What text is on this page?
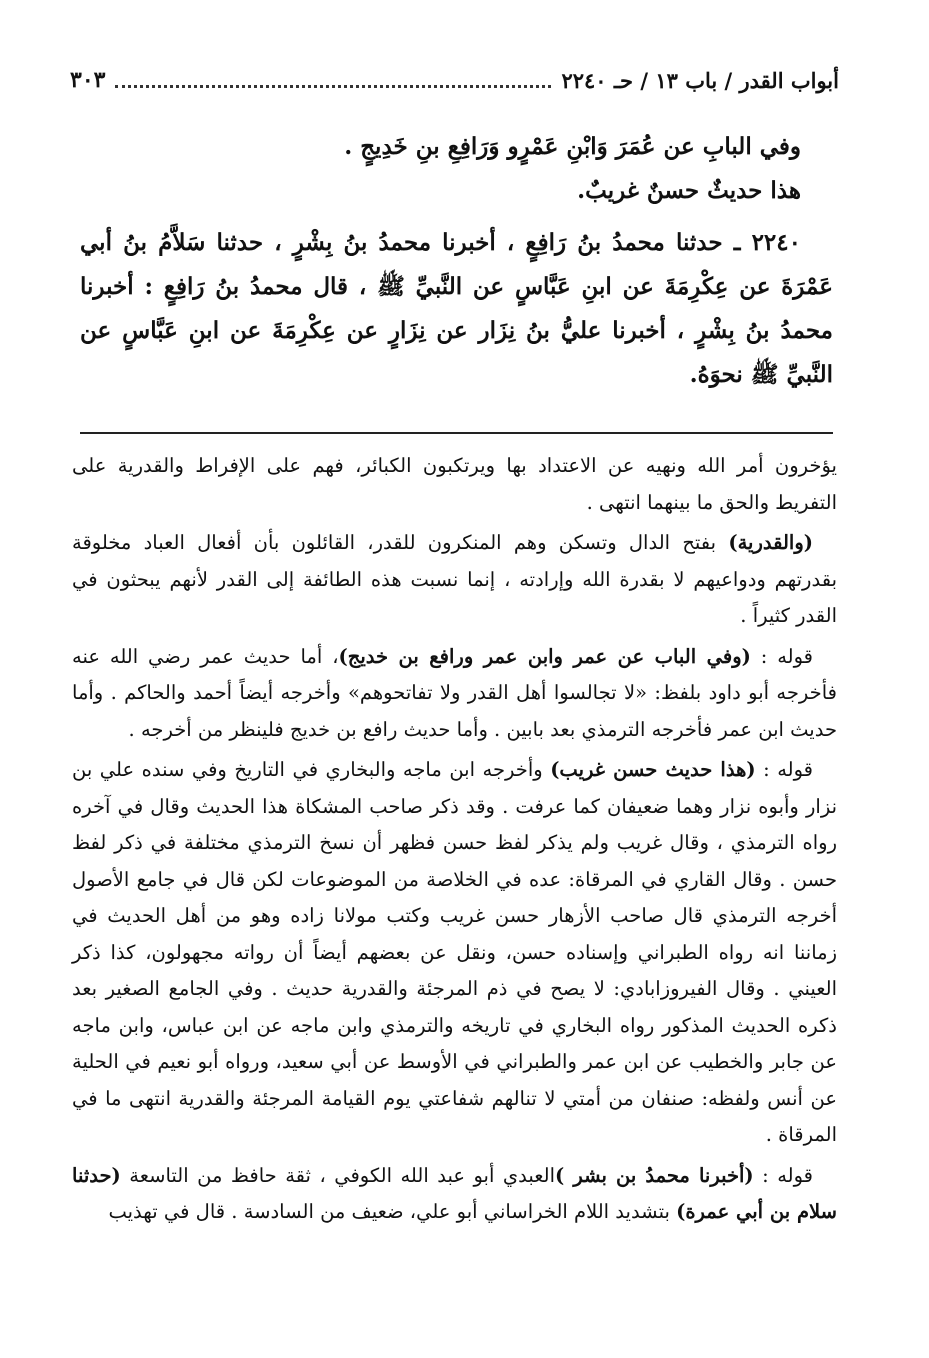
أبواب القدر / باب ١٣ / حـ ٢٢٤٠
٣٠٣

وفي البابِ عن عُمَرَ وَابْنِ عَمْرٍو وَرَافِعِ بنِ خَدِيجٍ .

هذا حديثٌ حسنٌ غريبٌ.

٢٢٤٠ ـ حدثنا محمدُ بنُ رَافِعٍ ، أخبرنا محمدُ بنُ بِشْرٍ ، حدثنا سَلاَّمُ بنُ أبي عَمْرَةَ عن عِكْرِمَةَ عن ابنِ عَبَّاسٍ عن النَّبيِّ ﷺ ، قال محمدُ بنُ رَافِعٍ : أخبرنا محمدُ بنُ بِشْرٍ ، أخبرنا عليُّ بنُ نِزَار عن نِزَارٍ عن عِكْرِمَةَ عن ابنِ عَبَّاسٍ عن النَّبيِّ ﷺ نحوَهُ.

يؤخرون أمر الله ونهيه عن الاعتداد بها ويرتكبون الكبائر، فهم على الإفراط والقدرية على التفريط والحق ما بينهما انتهى .

(والقدرية) بفتح الدال وتسكن وهم المنكرون للقدر، القائلون بأن أفعال العباد مخلوقة بقدرتهم ودواعيهم لا بقدرة الله وإرادته ، إنما نسبت هذه الطائفة إلى القدر لأنهم يبحثون في القدر كثيراً .

قوله : (وفي الباب عن عمر وابن عمر ورافع بن خديج)، أما حديث عمر رضي الله عنه فأخرجه أبو داود بلفظ: «لا تجالسوا أهل القدر ولا تفاتحوهم» وأخرجه أيضاً أحمد والحاكم . وأما حديث ابن عمر فأخرجه الترمذي بعد بابين . وأما حديث رافع بن خديج فلينظر من أخرجه .

قوله : (هذا حديث حسن غريب) وأخرجه ابن ماجه والبخاري في التاريخ وفي سنده علي بن نزار وأبوه نزار وهما ضعيفان كما عرفت . وقد ذكر صاحب المشكاة هذا الحديث وقال في آخره رواه الترمذي ، وقال غريب ولم يذكر لفظ حسن فظهر أن نسخ الترمذي مختلفة في ذكر لفظ حسن . وقال القاري في المرقاة: عده في الخلاصة من الموضوعات لكن قال في جامع الأصول أخرجه الترمذي قال صاحب الأزهار حسن غريب وكتب مولانا زاده وهو من أهل الحديث في زماننا انه رواه الطبراني وإسناده حسن، ونقل عن بعضهم أيضاً أن رواته مجهولون، كذا ذكر العيني . وقال الفيروزابادي: لا يصح في ذم المرجئة والقدرية حديث . وفي الجامع الصغير بعد ذكره الحديث المذكور رواه البخاري في تاريخه والترمذي وابن ماجه عن ابن عباس، وابن ماجه عن جابر والخطيب عن ابن عمر والطبراني في الأوسط عن أبي سعيد، ورواه أبو نعيم في الحلية عن أنس ولفظه: صنفان من أمتي لا تنالهم شفاعتي يوم القيامة المرجئة والقدرية انتهى ما في المرقاة .

قوله : (أخبرنا محمدُ بن بشر )العبدي أبو عبد الله الكوفي ، ثقة حافظ من التاسعة (حدثنا سلام بن أبي عمرة) بتشديد اللام الخراساني أبو علي، ضعيف من السادسة . قال في تهذيب
